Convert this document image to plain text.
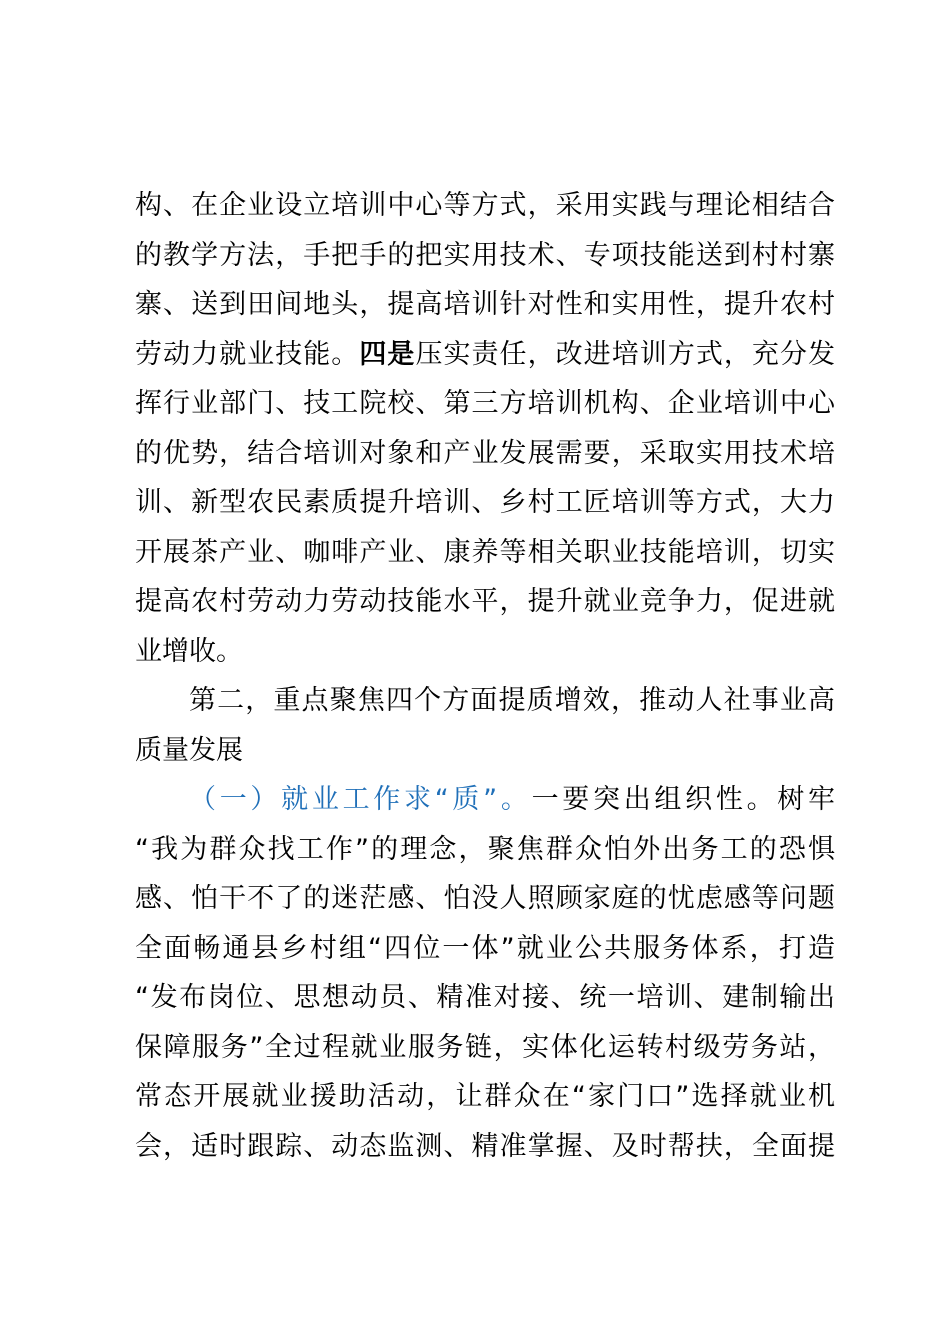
构、在企业设立培训中心等方式，采用实践与理论相结合
的教学方法，手把手的把实用技术、专项技能送到村村寨
寨、送到田间地头，提高培训针对性和实用性，提升农村
劳动力就业技能。四是压实责任，改进培训方式，充分发
挥行业部门、技工院校、第三方培训机构、企业培训中心
的优势，结合培训对象和产业发展需要，采取实用技术培
训、新型农民素质提升培训、乡村工匠培训等方式，大力
开展茶产业、咖啡产业、康养等相关职业技能培训，切实
提高农村劳动力劳动技能水平，提升就业竞争力，促进就
业增收。
第二，重点聚焦四个方面提质增效，推动人社事业高
质量发展
（一）就业工作求“质”。一要突出组织性。树牢
“我为群众找工作”的理念，聚焦群众怕外出务工的恐惧
感、怕干不了的迷茫感、怕没人照顾家庭的忧虑感等问题
全面畅通县乡村组“四位一体”就业公共服务体系，打造
“发布岗位、思想动员、精准对接、统一培训、建制输出
保障服务”全过程就业服务链，实体化运转村级劳务站，
常态开展就业援助活动，让群众在“家门口”选择就业机
会，适时跟踪、动态监测、精准掌握、及时帮扶，全面提
